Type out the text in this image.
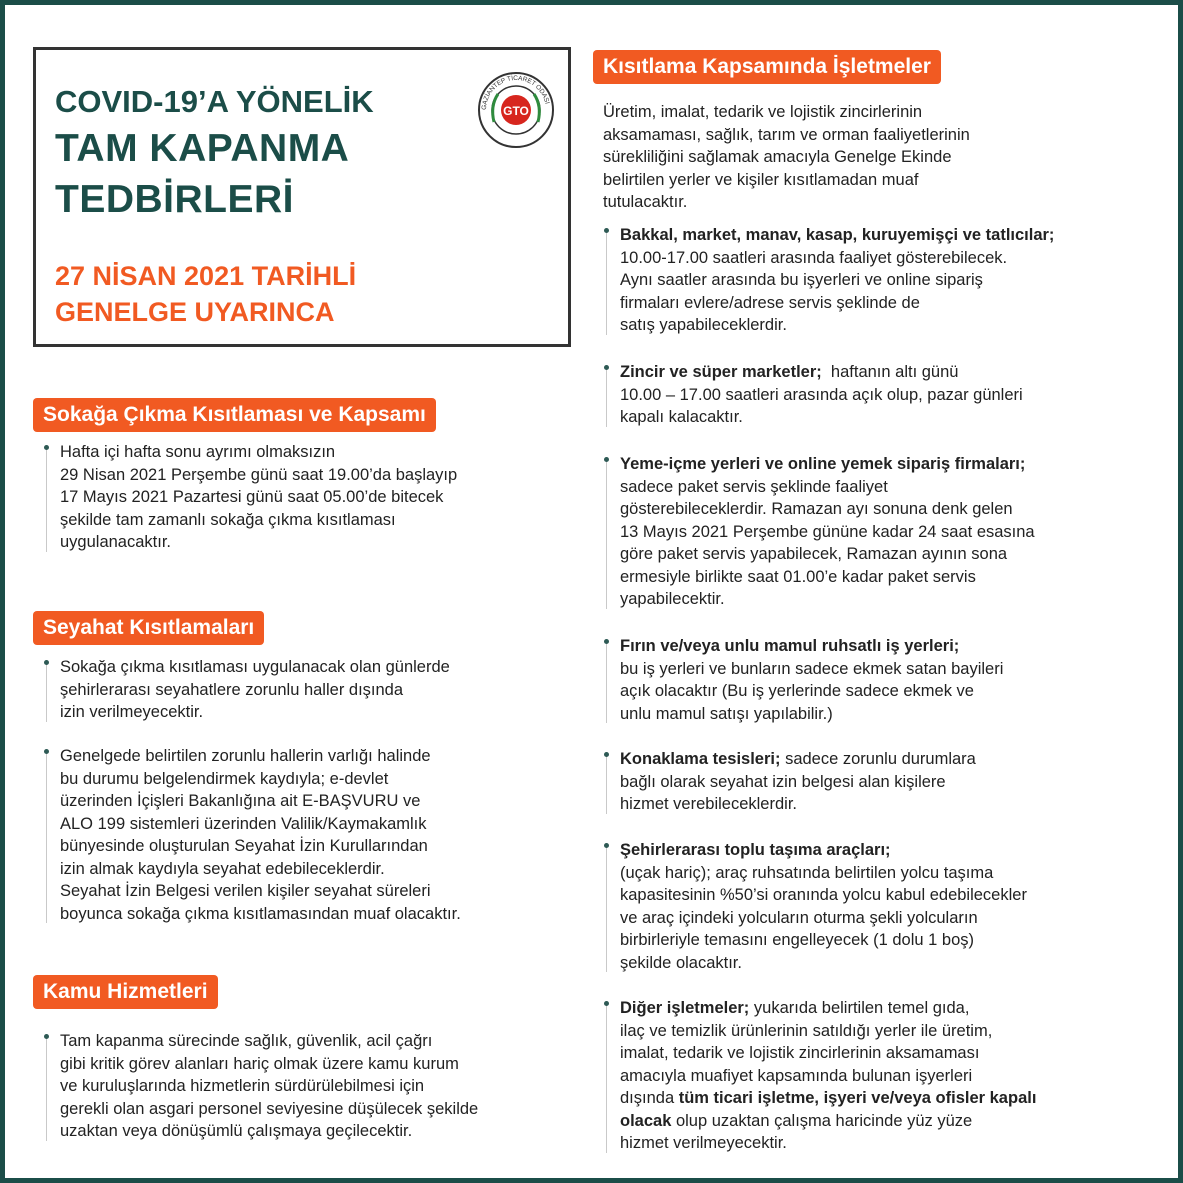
COVID-19’A YÖNELİK

TAM KAPANMA

TEDBİRLERİ

27 NİSAN 2021 TARİHLİ

GENELGE UYARINCA

GAZİANTEP TİCARET ODASI
GTO
Sokağa Çıkma Kısıtlaması ve Kapsamı
Hafta içi hafta sonu ayrımı olmaksızın
29 Nisan 2021 Perşembe günü saat 19.00’da başlayıp
17 Mayıs 2021 Pazartesi günü saat 05.00’de bitecek
şekilde tam zamanlı sokağa çıkma kısıtlaması
uygulanacaktır.
Seyahat Kısıtlamaları
Sokağa çıkma kısıtlaması uygulanacak olan günlerde
şehirlerarası seyahatlere zorunlu haller dışında
izin verilmeyecektir.
Genelgede belirtilen zorunlu hallerin varlığı halinde
bu durumu belgelendirmek kaydıyla; e-devlet
üzerinden İçişleri Bakanlığına ait E-BAŞVURU ve
ALO 199 sistemleri üzerinden Valilik/Kaymakamlık
bünyesinde oluşturulan Seyahat İzin Kurullarından
izin almak kaydıyla seyahat edebileceklerdir.
Seyahat İzin Belgesi verilen kişiler seyahat süreleri
boyunca sokağa çıkma kısıtlamasından muaf olacaktır.
Kamu Hizmetleri
Tam kapanma sürecinde sağlık, güvenlik, acil çağrı
gibi kritik görev alanları hariç olmak üzere kamu kurum
ve kuruluşlarında hizmetlerin sürdürülebilmesi için
gerekli olan asgari personel seviyesine düşülecek şekilde
uzaktan veya dönüşümlü çalışmaya geçilecektir.
Kısıtlama Kapsamında İşletmeler
Üretim, imalat, tedarik ve lojistik zincirlerinin
aksamaması, sağlık, tarım ve orman faaliyetlerinin
sürekliliğini sağlamak amacıyla Genelge Ekinde
belirtilen yerler ve kişiler kısıtlamadan muaf
tutulacaktır.
Bakkal, market, manav, kasap, kuruyemişçi ve tatlıcılar;
10.00-17.00 saatleri arasında faaliyet gösterebilecek.
Aynı saatler arasında bu işyerleri ve online sipariş
firmaları evlere/adrese servis şeklinde de
satış yapabileceklerdir.
Zincir ve süper marketler;  haftanın altı günü
10.00 – 17.00 saatleri arasında açık olup, pazar günleri
kapalı kalacaktır.
Yeme-içme yerleri ve online yemek sipariş firmaları;
sadece paket servis şeklinde faaliyet
gösterebileceklerdir. Ramazan ayı sonuna denk gelen
13 Mayıs 2021 Perşembe gününe kadar 24 saat esasına
göre paket servis yapabilecek, Ramazan ayının sona
ermesiyle birlikte saat 01.00’e kadar paket servis
yapabilecektir.
Fırın ve/veya unlu mamul ruhsatlı iş yerleri;
bu iş yerleri ve bunların sadece ekmek satan bayileri
açık olacaktır (Bu iş yerlerinde sadece ekmek ve
unlu mamul satışı yapılabilir.)
Konaklama tesisleri; sadece zorunlu durumlara
bağlı olarak seyahat izin belgesi alan kişilere
hizmet verebileceklerdir.
Şehirlerarası toplu taşıma araçları;
(uçak hariç); araç ruhsatında belirtilen yolcu taşıma
kapasitesinin %50’si oranında yolcu kabul edebilecekler
ve araç içindeki yolcuların oturma şekli yolcuların
birbirleriyle temasını engelleyecek (1 dolu 1 boş)
şekilde olacaktır.
Diğer işletmeler; yukarıda belirtilen temel gıda,
ilaç ve temizlik ürünlerinin satıldığı yerler ile üretim,
imalat, tedarik ve lojistik zincirlerinin aksamaması
amacıyla muafiyet kapsamında bulunan işyerleri
dışında tüm ticari işletme, işyeri ve/veya ofisler kapalı
olacak olup uzaktan çalışma haricinde yüz yüze
hizmet verilmeyecektir.
